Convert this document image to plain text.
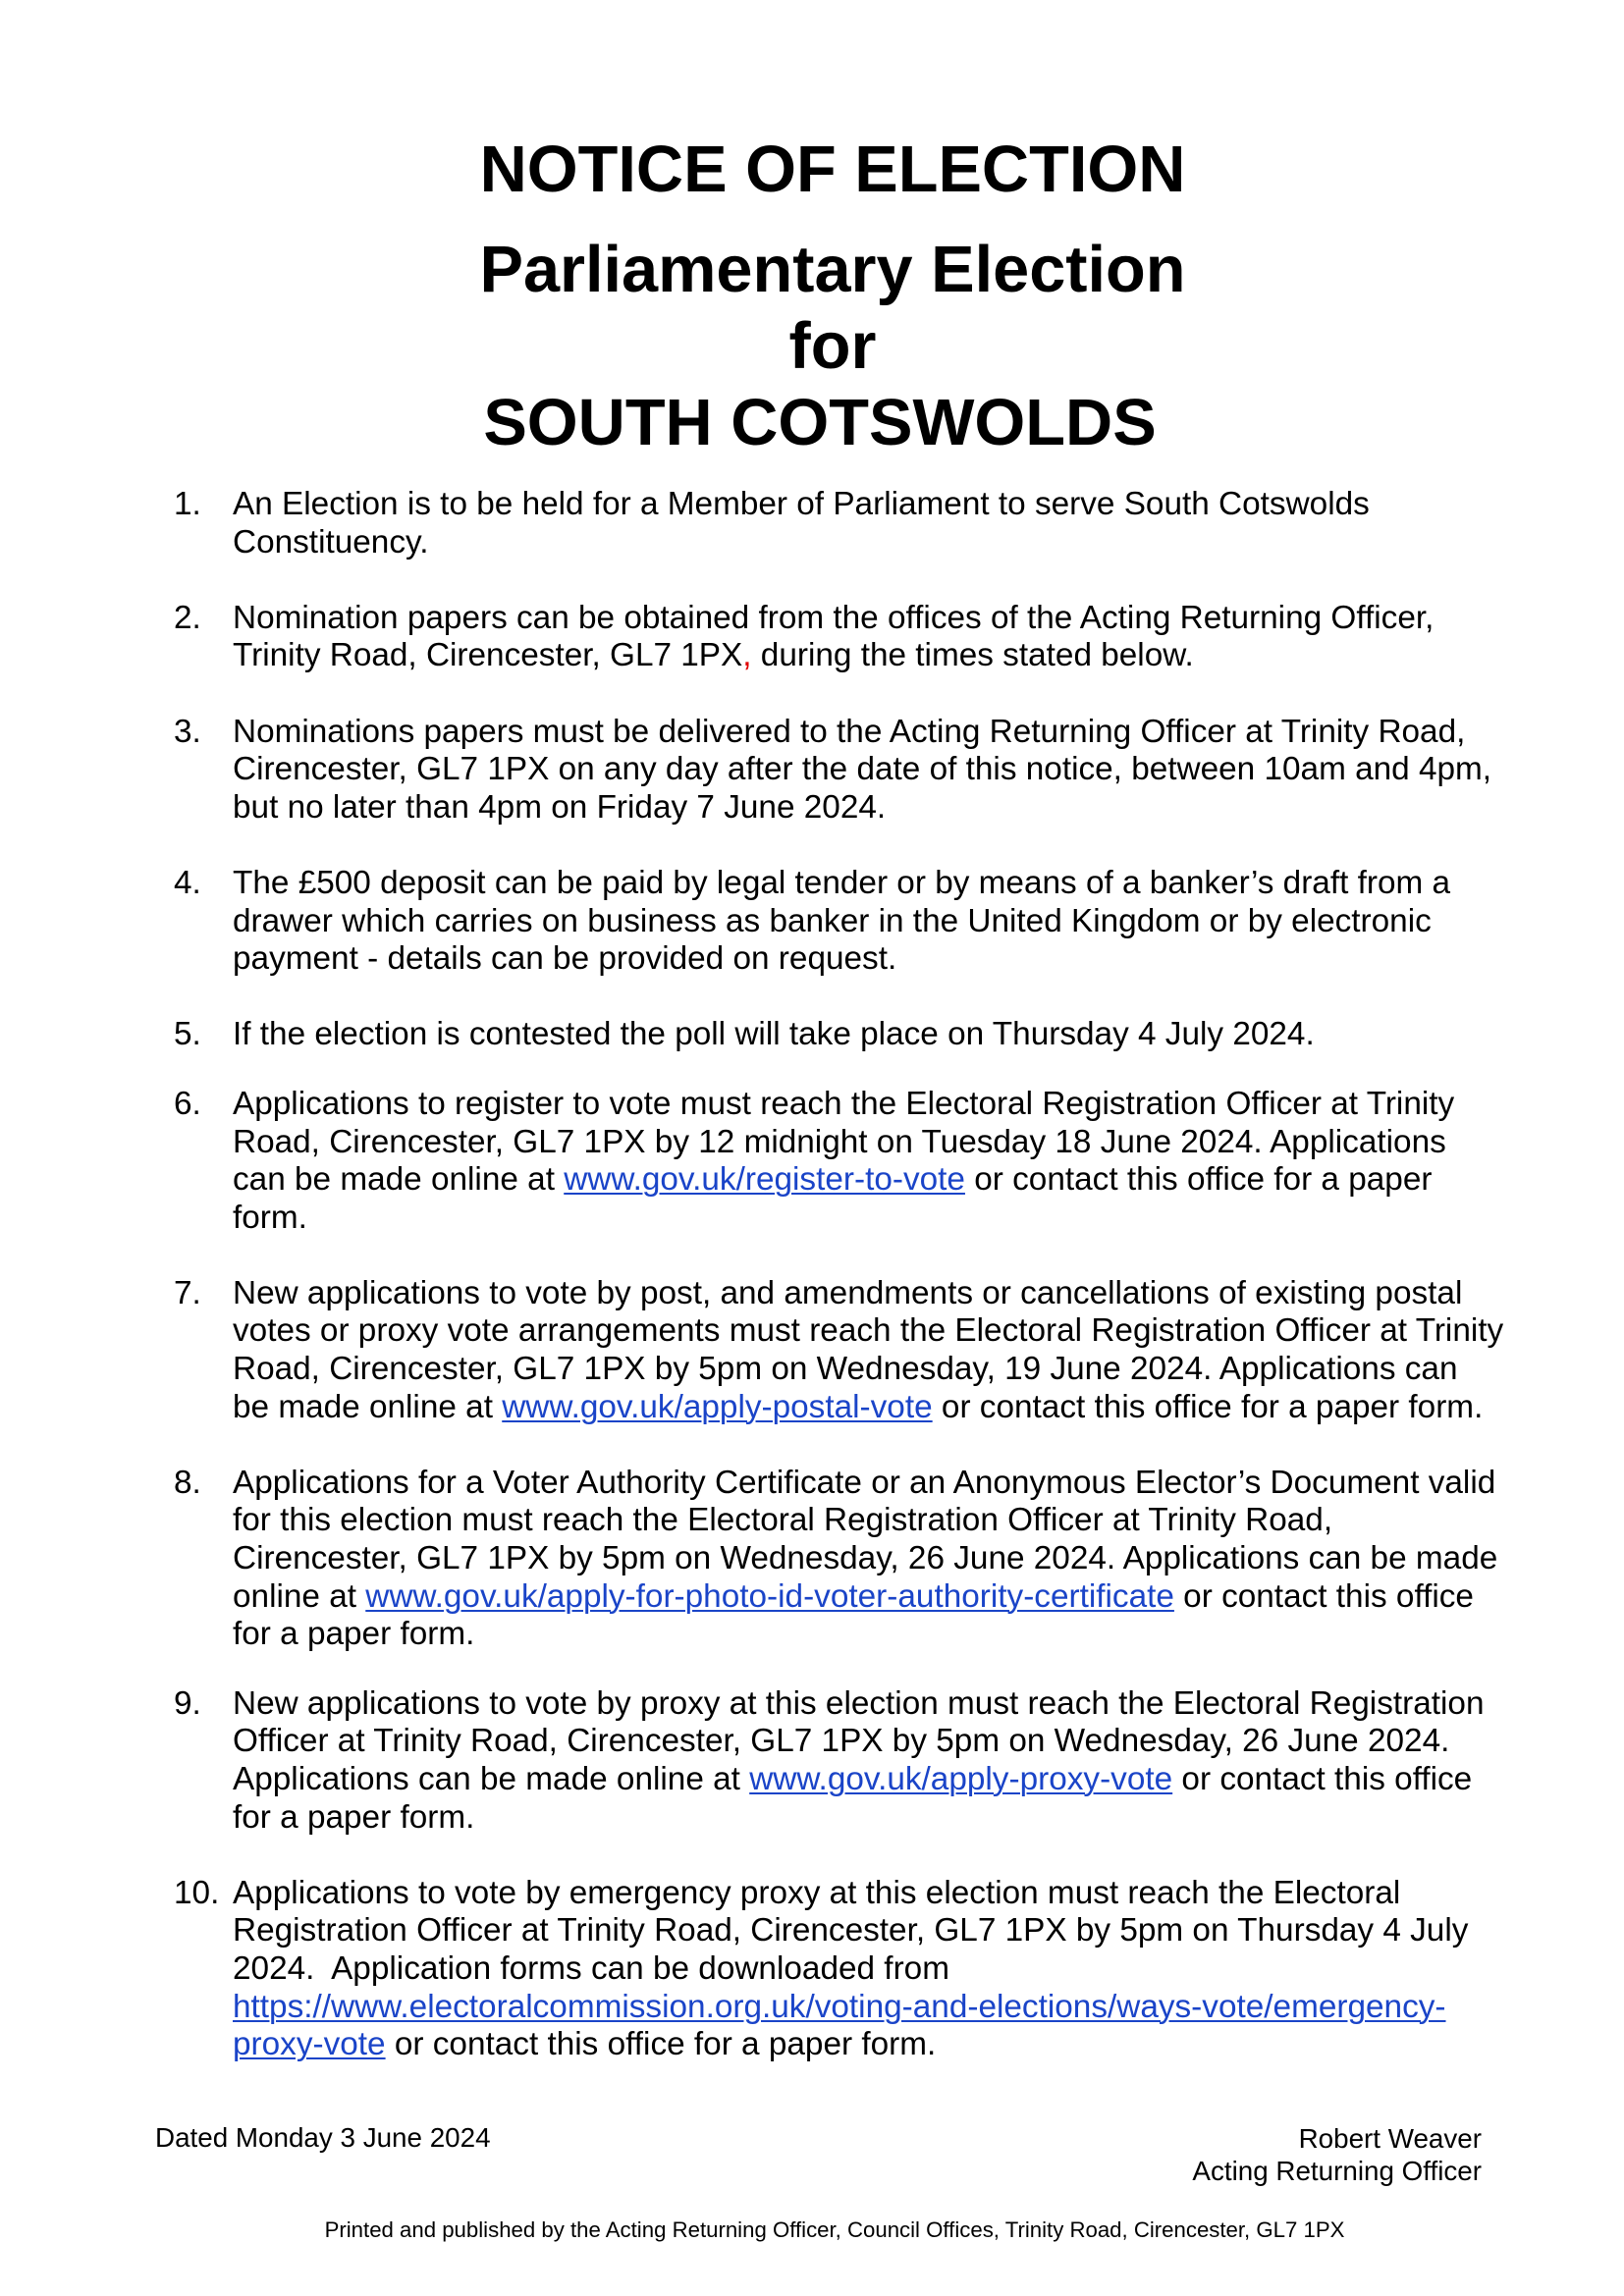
NOTICE OF ELECTION
Parliamentary Election
for
SOUTH COTSWOLDS
1. An Election is to be held for a Member of Parliament to serve South Cotswolds
Constituency.
2. Nomination papers can be obtained from the offices of the Acting Returning Officer,
Trinity Road, Cirencester, GL7 1PX, during the times stated below.
3. Nominations papers must be delivered to the Acting Returning Officer at Trinity Road,
Cirencester, GL7 1PX on any day after the date of this notice, between 10am and 4pm,
but no later than 4pm on Friday 7 June 2024.
4. The £500 deposit can be paid by legal tender or by means of a banker’s draft from a
drawer which carries on business as banker in the United Kingdom or by electronic
payment - details can be provided on request.
5. If the election is contested the poll will take place on Thursday 4 July 2024.
6. Applications to register to vote must reach the Electoral Registration Officer at Trinity
Road, Cirencester, GL7 1PX by 12 midnight on Tuesday 18 June 2024. Applications
can be made online at www.gov.uk/register-to-vote or contact this office for a paper
form.
7. New applications to vote by post, and amendments or cancellations of existing postal
votes or proxy vote arrangements must reach the Electoral Registration Officer at Trinity
Road, Cirencester, GL7 1PX by 5pm on Wednesday, 19 June 2024. Applications can
be made online at www.gov.uk/apply-postal-vote or contact this office for a paper form.
8. Applications for a Voter Authority Certificate or an Anonymous Elector’s Document valid
for this election must reach the Electoral Registration Officer at Trinity Road,
Cirencester, GL7 1PX by 5pm on Wednesday, 26 June 2024. Applications can be made
online at www.gov.uk/apply-for-photo-id-voter-authority-certificate or contact this office
for a paper form.
9. New applications to vote by proxy at this election must reach the Electoral Registration
Officer at Trinity Road, Cirencester, GL7 1PX by 5pm on Wednesday, 26 June 2024.
Applications can be made online at www.gov.uk/apply-proxy-vote or contact this office
for a paper form.
10. Applications to vote by emergency proxy at this election must reach the Electoral
Registration Officer at Trinity Road, Cirencester, GL7 1PX by 5pm on Thursday 4 July
2024.  Application forms can be downloaded from
https://www.electoralcommission.org.uk/voting-and-elections/ways-vote/emergency-
proxy-vote or contact this office for a paper form.
Dated Monday 3 June 2024	Robert Weaver
Acting Returning Officer
Printed and published by the Acting Returning Officer, Council Offices, Trinity Road, Cirencester, GL7 1PX
